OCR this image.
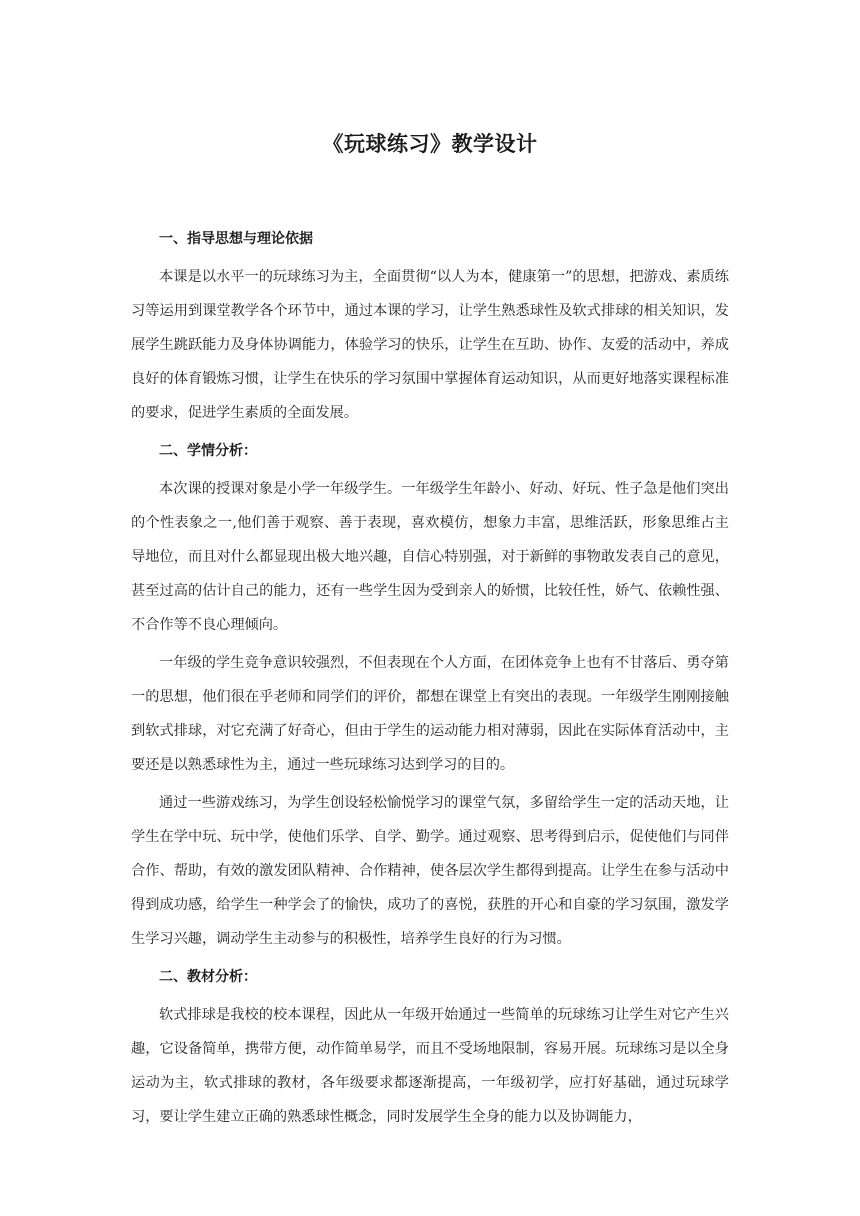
《玩球练习》教学设计
一、指导思想与理论依据
本课是以水平一的玩球练习为主，全面贯彻“以人为本，健康第一”的思想，把游戏、素质练习等运用到课堂教学各个环节中，通过本课的学习，让学生熟悉球性及软式排球的相关知识，发展学生跳跃能力及身体协调能力，体验学习的快乐，让学生在互助、协作、友爱的活动中，养成良好的体育锻炼习惯，让学生在快乐的学习氛围中掌握体育运动知识，从而更好地落实课程标准的要求，促进学生素质的全面发展。
二、学情分析：
本次课的授课对象是小学一年级学生。一年级学生年龄小、好动、好玩、性子急是他们突出的个性表象之一,他们善于观察、善于表现，喜欢模仿，想象力丰富，思维活跃，形象思维占主导地位，而且对什么都显现出极大地兴趣，自信心特别强，对于新鲜的事物敢发表自己的意见，甚至过高的估计自己的能力，还有一些学生因为受到亲人的娇惯，比较任性，娇气、依赖性强、不合作等不良心理倾向。
一年级的学生竞争意识较强烈，不但表现在个人方面，在团体竞争上也有不甘落后、勇夺第一的思想，他们很在乎老师和同学们的评价，都想在课堂上有突出的表现。一年级学生刚刚接触到软式排球，对它充满了好奇心，但由于学生的运动能力相对薄弱，因此在实际体育活动中，主要还是以熟悉球性为主，通过一些玩球练习达到学习的目的。
通过一些游戏练习，为学生创设轻松愉悦学习的课堂气氛，多留给学生一定的活动天地，让学生在学中玩、玩中学，使他们乐学、自学、勤学。通过观察、思考得到启示，促使他们与同伴合作、帮助，有效的激发团队精神、合作精神，使各层次学生都得到提高。让学生在参与活动中得到成功感，给学生一种学会了的愉快，成功了的喜悦，获胜的开心和自豪的学习氛围，激发学生学习兴趣，调动学生主动参与的积极性，培养学生良好的行为习惯。
二、教材分析：
软式排球是我校的校本课程，因此从一年级开始通过一些简单的玩球练习让学生对它产生兴趣，它设备简单，携带方便，动作简单易学，而且不受场地限制，容易开展。玩球练习是以全身运动为主，软式排球的教材，各年级要求都逐渐提高，一年级初学，应打好基础，通过玩球学习，要让学生建立正确的熟悉球性概念，同时发展学生全身的能力以及协调能力，
